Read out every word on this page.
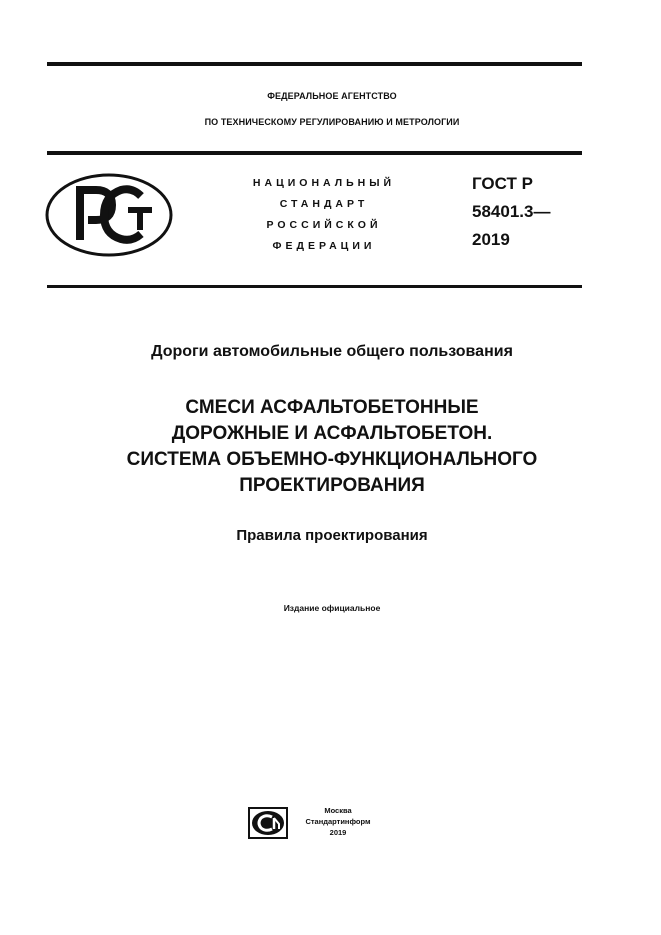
ФЕДЕРАЛЬНОЕ АГЕНТСТВО
ПО ТЕХНИЧЕСКОМУ РЕГУЛИРОВАНИЮ И МЕТРОЛОГИИ
НАЦИОНАЛЬНЫЙ
СТАНДАРТ
РОССИЙСКОЙ
ФЕДЕРАЦИИ
ГОСТ Р
58401.3—
2019
Дороги автомобильные общего пользования
СМЕСИ АСФАЛЬТОБЕТОННЫЕ
ДОРОЖНЫЕ И АСФАЛЬТОБЕТОН.
СИСТЕМА ОБЪЕМНО-ФУНКЦИОНАЛЬНОГО
ПРОЕКТИРОВАНИЯ
Правила проектирования
Издание официальное
Москва
Стандартинформ
2019
